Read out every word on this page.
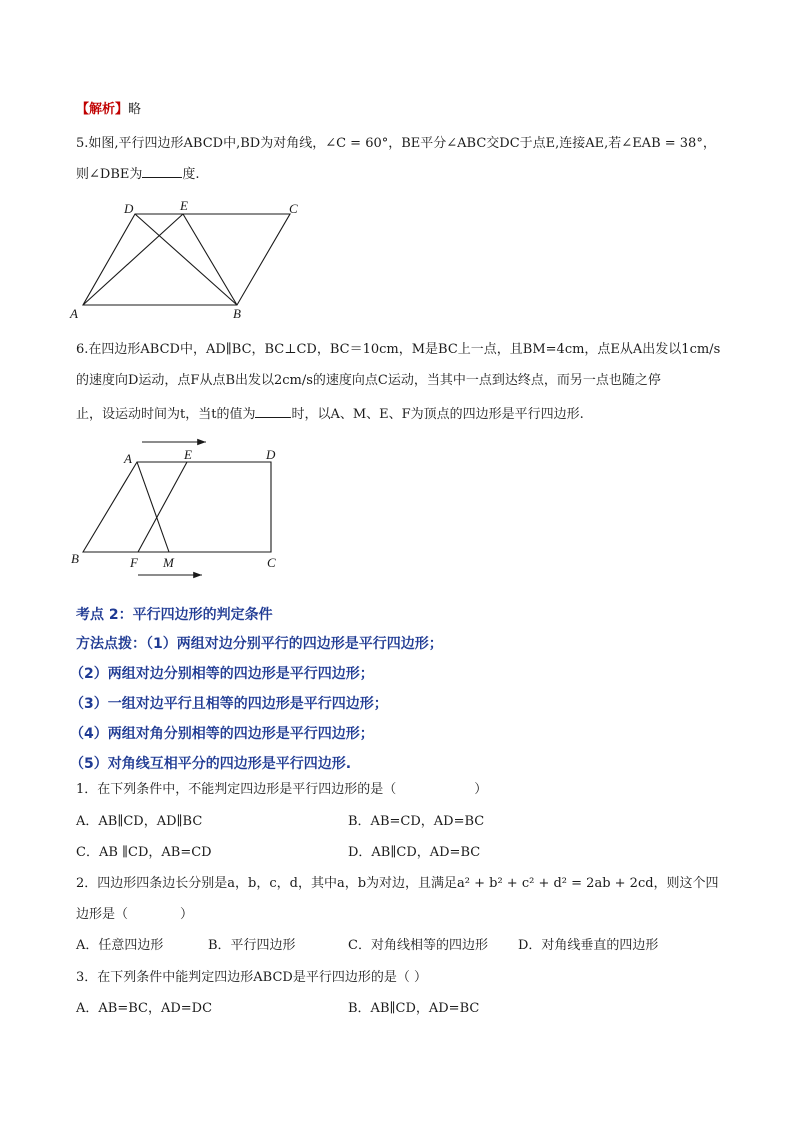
【解析】略
5.如图,平行四边形ABCD中,BD为对角线，∠C = 60°，BE平分∠ABC交DC于点E,连接AE,若∠EAB = 38°，
则∠DBE为	度.
A	B
C
D	E
6.在四边形ABCD中，AD∥BC，BC⊥CD，BC＝10cm，M是BC上一点，且BM=4cm，点E从A出发以1cm/s
的速度向D运动，点F从点B出发以2cm/s的速度向点C运动，当其中一点到达终点，而另一点也随之停
止，设运动时间为t，当t的值为	时，以A、M、E、F为顶点的四边形是平行四边形.
A	E	D
B	F M	C
考点 2：平行四边形的判定条件
方法点拨：（1）两组对边分别平行的四边形是平行四边形；
（2）两组对边分别相等的四边形是平行四边形；
（3）一组对边平行且相等的四边形是平行四边形；
（4）两组对角分别相等的四边形是平行四边形；
（5）对角线互相平分的四边形是平行四边形.
1．在下列条件中，不能判定四边形是平行四边形的是（　　　　　　）
A．AB∥CD，AD∥BC	B．AB=CD，AD=BC
C．AB ∥CD，AB=CD	D．AB∥CD，AD=BC
2．四边形四条边长分别是a，b，c，d，其中a，b为对边，且满足a² + b² + c² + d² = 2ab + 2cd，则这个四
边形是（　　　　）
A．任意四边形	B．平行四边形	C．对角线相等的四边形 D．对角线垂直的四边形
3．在下列条件中能判定四边形ABCD是平行四边形的是（ ）
A．AB=BC，AD=DC	B．AB∥CD，AD=BC
